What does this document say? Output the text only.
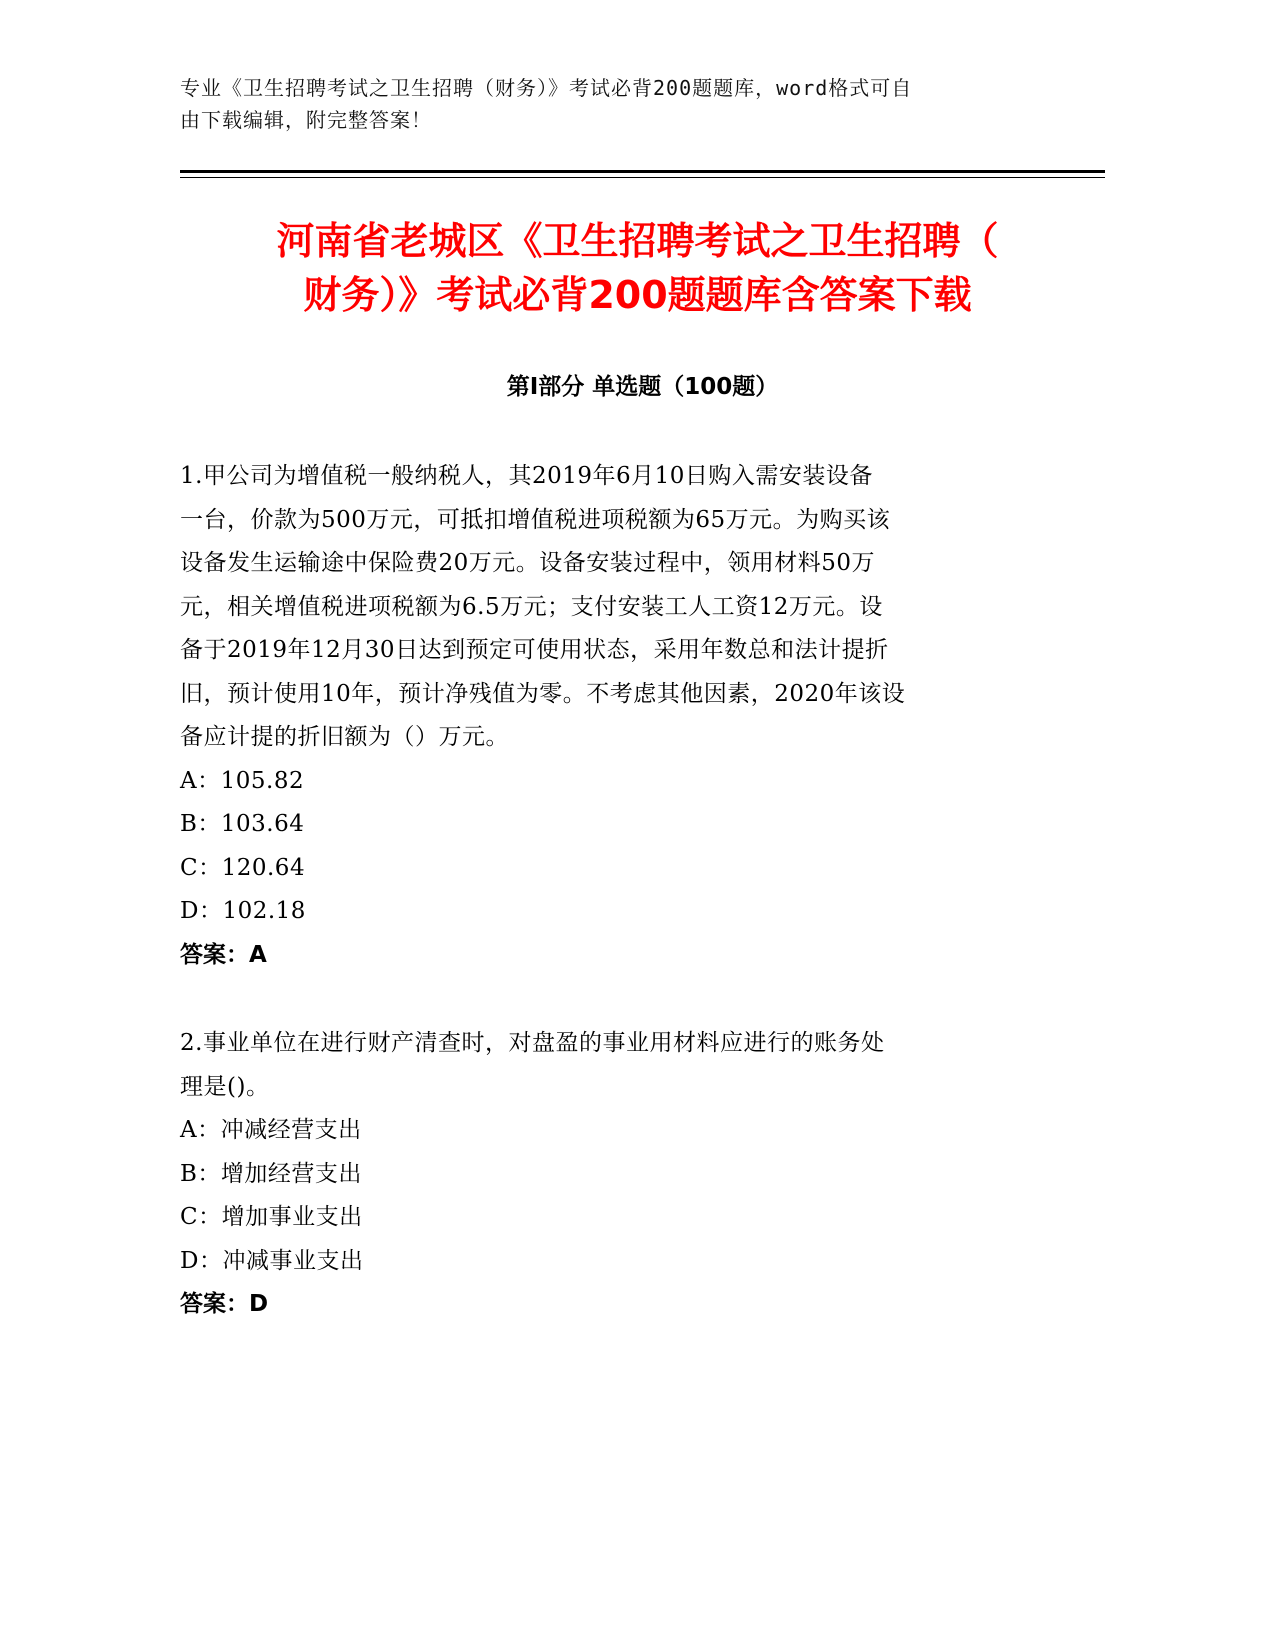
专业《卫生招聘考试之卫生招聘（财务）》考试必背200题题库，word格式可自
由下载编辑，附完整答案！
河南省老城区《卫生招聘考试之卫生招聘（
财务）》考试必背200题题库含答案下载
第Ⅰ部分 单选题（100题）
1.甲公司为增值税一般纳税人，其2019年6月10日购入需安装设备
一台，价款为500万元，可抵扣增值税进项税额为65万元。为购买该
设备发生运输途中保险费20万元。设备安装过程中，领用材料50万
元，相关增值税进项税额为6.5万元；支付安装工人工资12万元。设
备于2019年12月30日达到预定可使用状态，采用年数总和法计提折
旧，预计使用10年，预计净残值为零。不考虑其他因素，2020年该设
备应计提的折旧额为（）万元。
A：105.82
B：103.64
C：120.64
D：102.18
答案：A
2.事业单位在进行财产清查时，对盘盈的事业用材料应进行的账务处
理是()。
A：冲减经营支出
B：增加经营支出
C：增加事业支出
D：冲减事业支出
答案：D
